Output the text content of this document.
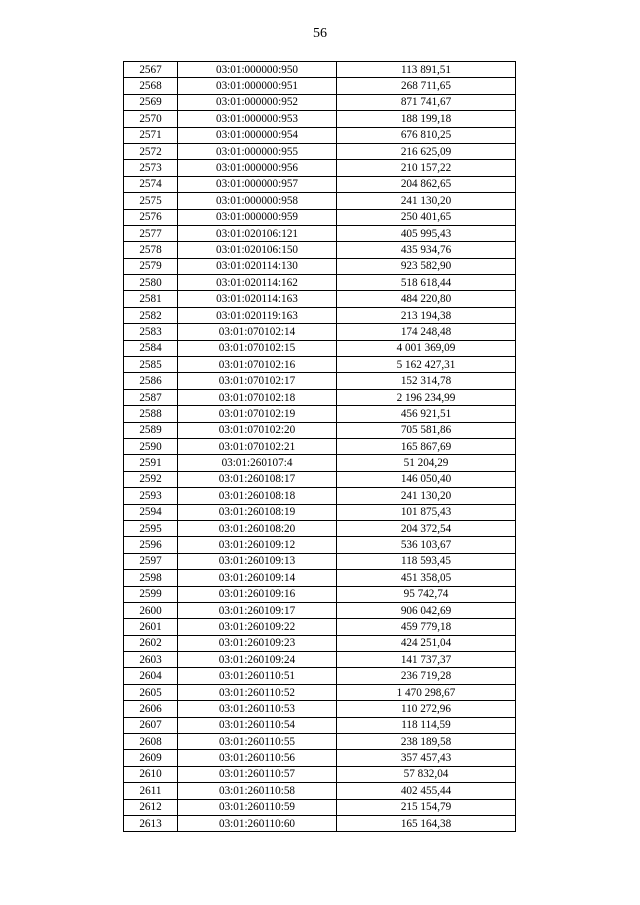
56
2567	03:01:000000:950	113 891,51
2568	03:01:000000:951	268 711,65
2569	03:01:000000:952	871 741,67
2570	03:01:000000:953	188 199,18
2571	03:01:000000:954	676 810,25
2572	03:01:000000:955	216 625,09
2573	03:01:000000:956	210 157,22
2574	03:01:000000:957	204 862,65
2575	03:01:000000:958	241 130,20
2576	03:01:000000:959	250 401,65
2577	03:01:020106:121	405 995,43
2578	03:01:020106:150	435 934,76
2579	03:01:020114:130	923 582,90
2580	03:01:020114:162	518 618,44
2581	03:01:020114:163	484 220,80
2582	03:01:020119:163	213 194,38
2583	03:01:070102:14	174 248,48
2584	03:01:070102:15	4 001 369,09
2585	03:01:070102:16	5 162 427,31
2586	03:01:070102:17	152 314,78
2587	03:01:070102:18	2 196 234,99
2588	03:01:070102:19	456 921,51
2589	03:01:070102:20	705 581,86
2590	03:01:070102:21	165 867,69
2591	03:01:260107:4	51 204,29
2592	03:01:260108:17	146 050,40
2593	03:01:260108:18	241 130,20
2594	03:01:260108:19	101 875,43
2595	03:01:260108:20	204 372,54
2596	03:01:260109:12	536 103,67
2597	03:01:260109:13	118 593,45
2598	03:01:260109:14	451 358,05
2599	03:01:260109:16	95 742,74
2600	03:01:260109:17	906 042,69
2601	03:01:260109:22	459 779,18
2602	03:01:260109:23	424 251,04
2603	03:01:260109:24	141 737,37
2604	03:01:260110:51	236 719,28
2605	03:01:260110:52	1 470 298,67
2606	03:01:260110:53	110 272,96
2607	03:01:260110:54	118 114,59
2608	03:01:260110:55	238 189,58
2609	03:01:260110:56	357 457,43
2610	03:01:260110:57	57 832,04
2611	03:01:260110:58	402 455,44
2612	03:01:260110:59	215 154,79
2613	03:01:260110:60	165 164,38
